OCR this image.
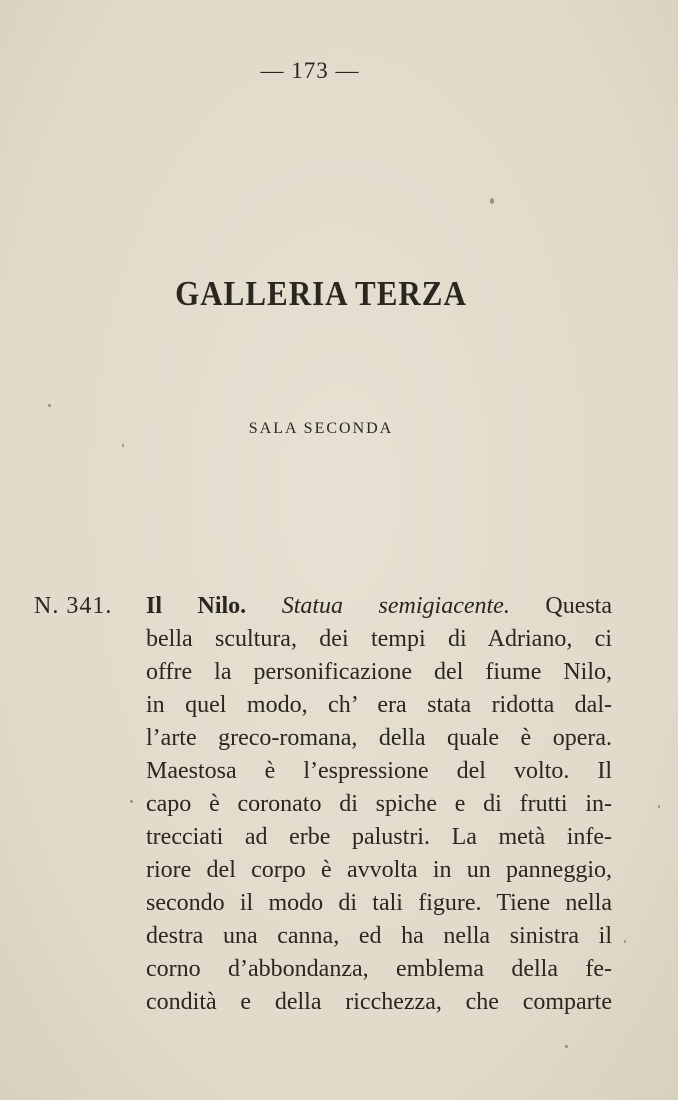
— 173 —
GALLERIA TERZA
SALA SECONDA
N. 341. Il Nilo. Statua semigiacente. Questa
bella scultura, dei tempi di Adriano, ci
offre la personificazione del fiume Nilo,
in quel modo, ch’ era stata ridotta dal-
l’arte greco-romana, della quale è opera.
Maestosa è l’espressione del volto. Il
capo è coronato di spiche e di frutti in-
trecciati ad erbe palustri. La metà infe-
riore del corpo è avvolta in un panneggio,
secondo il modo di tali figure. Tiene nella
destra una canna, ed ha nella sinistra il
corno d’abbondanza, emblema della fe-
condità e della ricchezza, che comparte
